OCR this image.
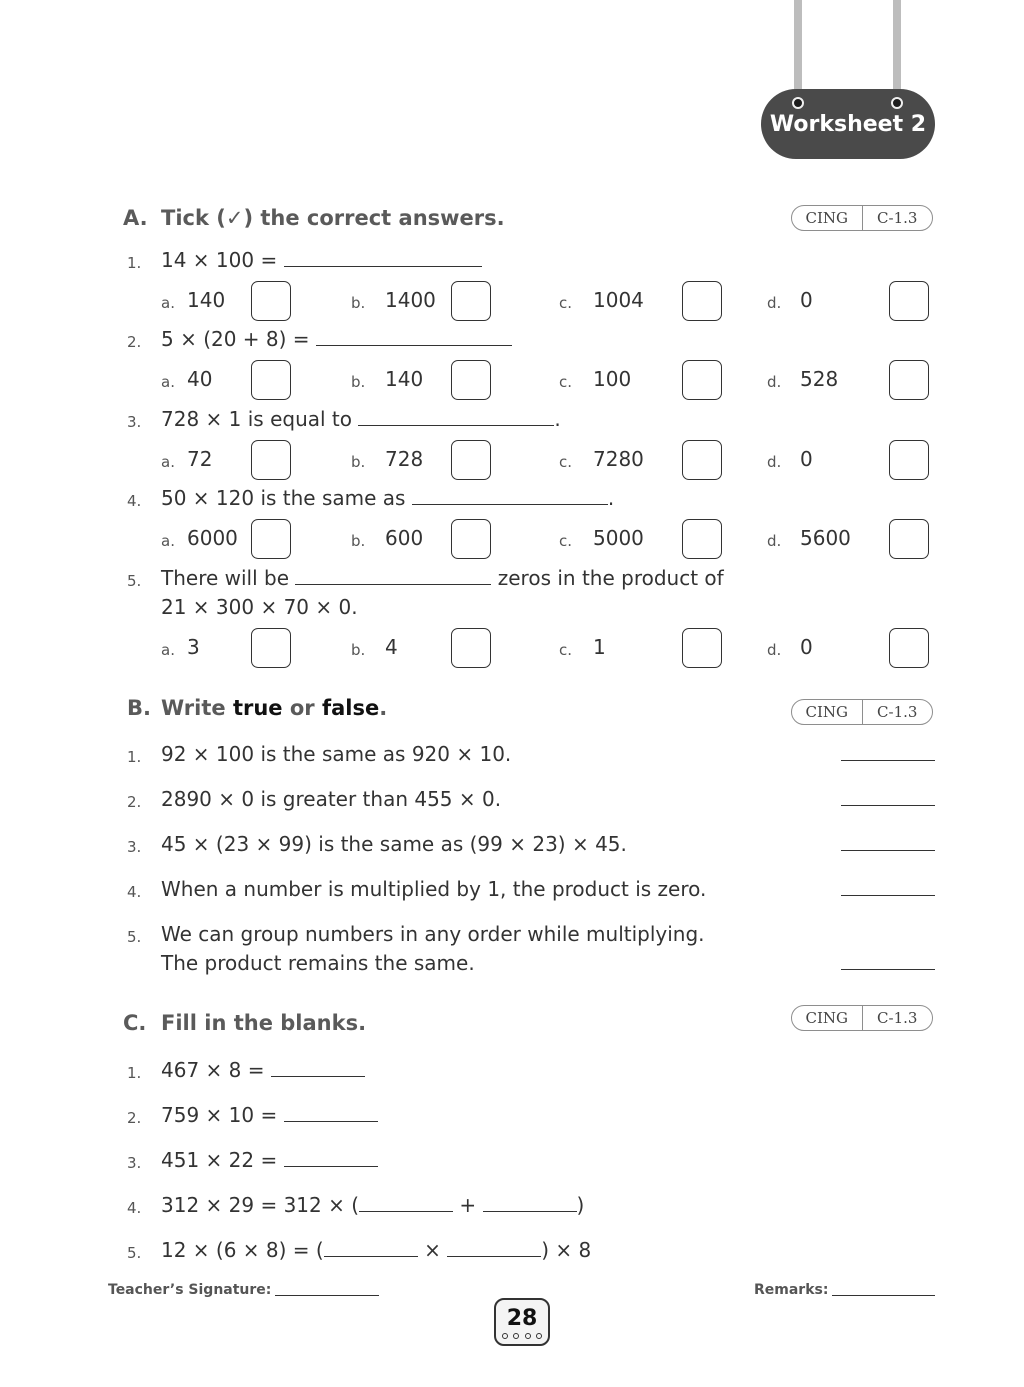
Worksheet 2
A. Tick (✓) the correct answers.	CING	C-1.3
1. 14 × 100 =
2. 5 × (20 + 8) =
3. 728 × 1 is equal to	.
4. 50 × 120 is the same as	.
5. There will be	zeros in the product of
21 × 300 × 70 × 0.
a. 140	b. 1400	c. 1004	d. 0
a. 40	b. 140	c. 100	d. 528
a. 72	b. 728	c. 7280	d. 0
a. 6000	b. 600	c. 5000	d. 5600
a. 3	b. 4	c. 1	d. 0
B. Write true or false.	CING	C-1.3
1. 92 × 100 is the same as 920 × 10.
2. 2890 × 0 is greater than 455 × 0.
3. 45 × (23 × 99) is the same as (99 × 23) × 45.
4. When a number is multiplied by 1, the product is zero.
5. We can group numbers in any order while multiplying.
The product remains the same.
C. Fill in the blanks.	CING	C-1.3
1. 467 × 8 =
2. 759 × 10 =
3. 451 × 22 =
4. 312 × 29 = 312 × (	+	)
5. 12 × (6 × 8) = (	×	) × 8
Teacher’s Signature:	Remarks:
28
